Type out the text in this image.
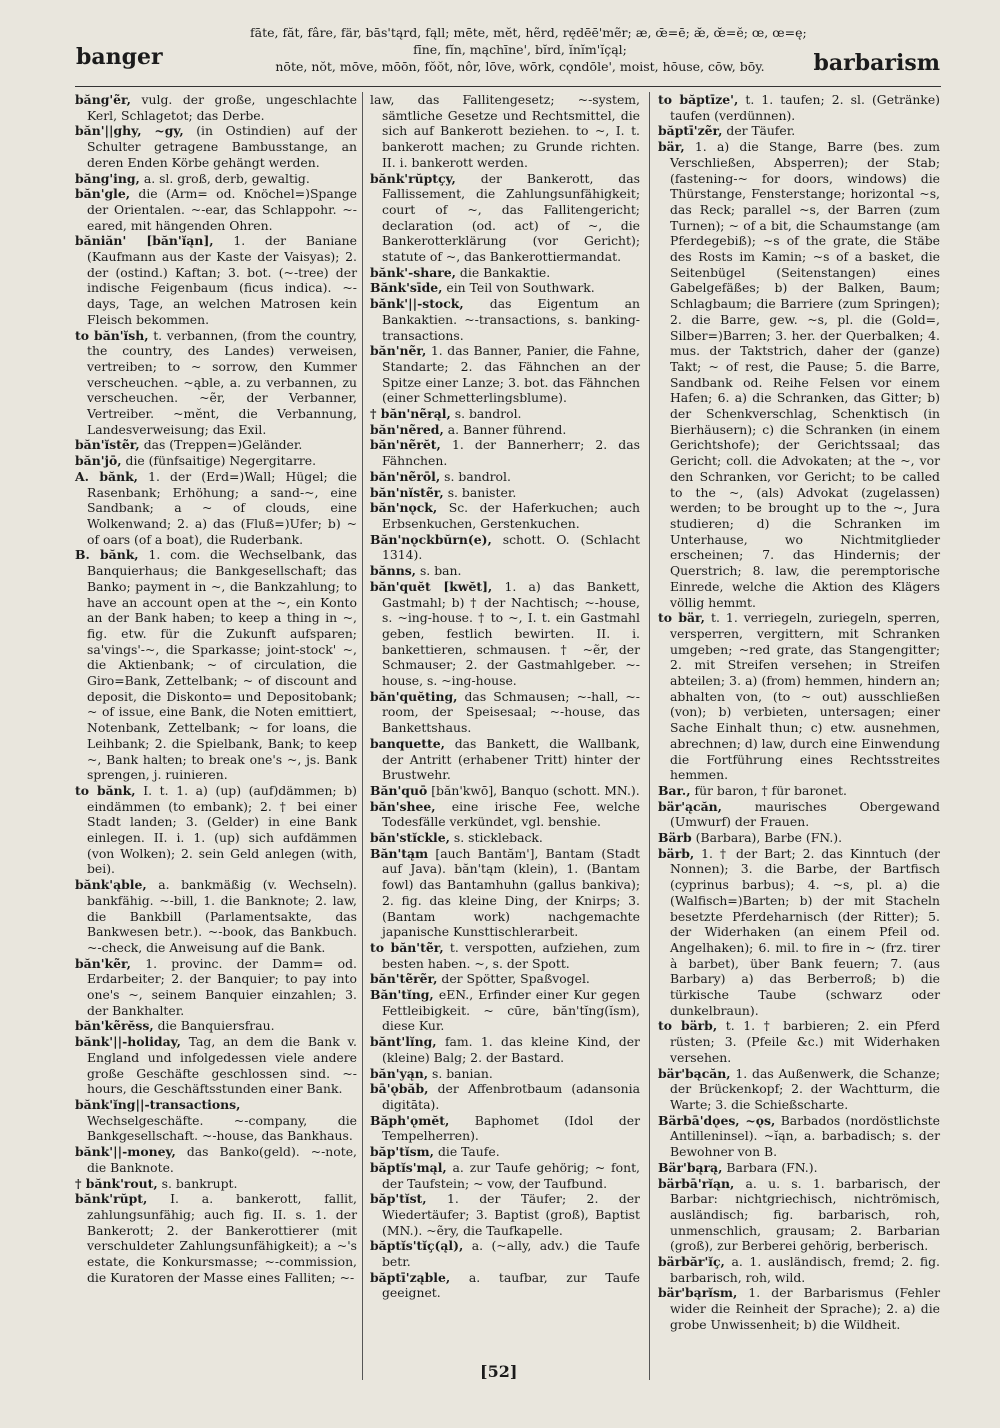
banger
fāte, făt, fâre, fär, bās'tąrd, fąll; mēte, mĕt, hẽrd, rędēē'mẽr; æ, œ̄=ē; æ̆, œ̆=ĕ; œ, œ=ę;
fīne, fĭn, mąchīne', bĭrd, ĭnĭm'ĭçąl;
nōte, nŏt, mōve, mōōn, fŏŏt, nôr, lōve, wōrk, cǫndōle', moist, hōuse, cōw, bōy.	barbarism

băng'ẽr, vulg. der große, ungeschlachte Kerl, Schlagetot; das Derbe.

băn'||ghy, ~gy, (in Ostindien) auf der Schulter getragene Bambusstange, an deren Enden Körbe gehängt werden.

băng'ing, a. sl. groß, derb, gewaltig.

băn'gle, die (Arm= od. Knöchel=)Spange der Orientalen. ~-ear, das Schlappohr. ~-eared, mit hängenden Ohren.

băniăn' [băn'ĭąn], 1. der Baniane (Kaufmann aus der Kaste der Vaisyas); 2. der (ostind.) Kaftan; 3. bot. (~-tree) der indische Feigenbaum (ficus indica). ~-days, Tage, an welchen Matrosen kein Fleisch bekommen.

to băn'ĭsh, t. verbannen, (from the country, the country, des Landes) verweisen, vertreiben; to ~ sorrow, den Kummer verscheuchen. ~ąble, a. zu verbannen, zu verscheuchen. ~ẽr, der Verbanner, Vertreiber. ~mĕnt, die Verbannung, Landesverweisung; das Exil.

băn'ĭstẽr, das (Treppen=)Geländer.

băn'jō, die (fünfsaitige) Negergitarre.

A. bănk, 1. der (Erd=)Wall; Hügel; die Rasenbank; Erhöhung; a sand-~, eine Sandbank; a ~ of clouds, eine Wolkenwand; 2. a) das (Fluß=)Ufer; b) ~ of oars (of a boat), die Ruderbank.

B. bănk, 1. com. die Wechselbank, das Banquierhaus; die Bankgesellschaft; das Banko; payment in ~, die Bankzahlung; to have an account open at the ~, ein Konto an der Bank haben; to keep a thing in ~, fig. etw. für die Zukunft aufsparen; sa'vings'-~, die Sparkasse; joint-stock' ~, die Aktienbank; ~ of circulation, die Giro=Bank, Zettelbank; ~ of discount and deposit, die Diskonto= und Depositobank; ~ of issue, eine Bank, die Noten emittiert, Notenbank, Zettelbank; ~ for loans, die Leihbank; 2. die Spielbank, Bank; to keep ~, Bank halten; to break one's ~, js. Bank sprengen, j. ruinieren.

to bănk, I. t. 1. a) (up) (auf)dämmen; b) eindämmen (to embank); 2. † bei einer Stadt landen; 3. (Gelder) in eine Bank einlegen. II. i. 1. (up) sich aufdämmen (von Wolken); 2. sein Geld anlegen (with, bei).

bănk'ąble, a. bankmäßig (v. Wechseln). bankfähig. ~-bill, 1. die Banknote; 2. law, die Bankbill (Parlamentsakte, das Bankwesen betr.). ~-book, das Bankbuch. ~-check, die Anweisung auf die Bank.

băn'kẽr, 1. provinc. der Damm= od. Erdarbeiter; 2. der Banquier; to pay into one's ~, seinem Banquier einzahlen; 3. der Bankhalter.

băn'kẽrĕss, die Banquiersfrau.

bănk'||-holiday, Tag, an dem die Bank v. England und infolgedessen viele andere große Geschäfte geschlossen sind. ~-hours, die Geschäftsstunden einer Bank.

bănk'ĭng||-transactions, Wechselgeschäfte. ~-company, die Bankgesellschaft. ~-house, das Bankhaus.

bănk'||-money, das Banko(geld). ~-note, die Banknote.

† bănk'rout, s. bankrupt.

bănk'rŭpt, I. a. bankerott, fallit, zahlungsunfähig; auch fig. II. s. 1. der Bankerott; 2. der Bankerottierer (mit verschuldeter Zahlungsunfähigkeit); a ~'s estate, die Konkursmasse; ~-commission, die Kuratoren der Masse eines Falliten; ~-

law, das Fallitengesetz; ~-system, sämtliche Gesetze und Rechtsmittel, die sich auf Bankerott beziehen. to ~, I. t. bankerott machen; zu Grunde richten. II. i. bankerott werden.

bănk'rŭptçy, der Bankerott, das Fallissement, die Zahlungsunfähigkeit; court of ~, das Fallitengericht; declaration (od. act) of ~, die Bankerotterklärung (vor Gericht); statute of ~, das Bankerottiermandat.

bănk'-share, die Bankaktie.

Bănk'sīde, ein Teil von Southwark.

bănk'||-stock, das Eigentum an Bankaktien. ~-transactions, s. banking-transactions.

băn'nẽr, 1. das Banner, Panier, die Fahne, Standarte; 2. das Fähnchen an der Spitze einer Lanze; 3. bot. das Fähnchen (einer Schmetterlingsblume).

† băn'nẽrąl, s. bandrol.

băn'nẽred, a. Banner führend.

băn'nẽrĕt, 1. der Bannerherr; 2. das Fähnchen.

băn'nẽrōl, s. bandrol.

băn'nĭstẽr, s. banister.

băn'nǫck, Sc. der Haferkuchen; auch Erbsenkuchen, Gerstenkuchen.

Băn'nǫckbŭrn(e), schott. O. (Schlacht 1314).

bănns, s. ban.

băn'quĕt [kwĕt], 1. a) das Bankett, Gastmahl; b) † der Nachtisch; ~-house, s. ~ing-house. † to ~, I. t. ein Gastmahl geben, festlich bewirten. II. i. bankettieren, schmausen. † ~ẽr, der Schmauser; 2. der Gastmahlgeber. ~-house, s. ~ing-house.

băn'quĕting, das Schmausen; ~-hall, ~-room, der Speisesaal; ~-house, das Bankettshaus.

banquette, das Bankett, die Wallbank, der Antritt (erhabener Tritt) hinter der Brustwehr.

Băn'quō [băn'kwō], Banquo (schott. MN.).

băn'shee, eine irische Fee, welche Todesfälle verkündet, vgl. benshie.

băn'stĭckle, s. stickleback.

Băn'tąm [auch Bantăm'], Bantam (Stadt auf Java). băn'tąm (klein), 1. (Bantam fowl) das Bantamhuhn (gallus bankiva); 2. fig. das kleine Ding, der Knirps; 3. (Bantam work) nachgemachte japanische Kunsttischlerarbeit.

to băn'tẽr, t. verspotten, aufziehen, zum besten haben. ~, s. der Spott.

băn'tẽrẽr, der Spötter, Spaßvogel.

Băn'tĭng, eEN., Erfinder einer Kur gegen Fettleibigkeit. ~ cūre, băn'tĭng(ĭsm), diese Kur.

bănt'lĭng, fam. 1. das kleine Kind, der (kleine) Balg; 2. der Bastard.

băn'yąn, s. banian.

bā'ǫbăb, der Affenbrotbaum (adansonia digitāta).

Băph'ǫmĕt, Baphomet (Idol der Tempelherren).

băp'tĭsm, die Taufe.

băptĭs'mąl, a. zur Taufe gehörig; ~ font, der Taufstein; ~ vow, der Taufbund.

băp'tĭst, 1. der Täufer; 2. der Wiedertäufer; 3. Baptist (groß), Baptist (MN.). ~ẽry, die Taufkapelle.

băptĭs'tĭç(ąl), a. (~ally, adv.) die Taufe betr.

băptī'ząble, a. taufbar, zur Taufe geeignet.

to băptīze', t. 1. taufen; 2. sl. (Getränke) taufen (verdünnen).

băptī'zẽr, der Täufer.

bär, 1. a) die Stange, Barre (bes. zum Verschließen, Absperren); der Stab; (fastening-~ for doors, windows) die Thürstange, Fensterstange; horizontal ~s, das Reck; parallel ~s, der Barren (zum Turnen); ~ of a bit, die Schaumstange (am Pferdegebiß); ~s of the grate, die Stäbe des Rosts im Kamin; ~s of a basket, die Seitenbügel (Seitenstangen) eines Gabelgefäßes; b) der Balken, Baum; Schlagbaum; die Barriere (zum Springen); 2. die Barre, gew. ~s, pl. die (Gold=, Silber=)Barren; 3. her. der Querbalken; 4. mus. der Taktstrich, daher der (ganze) Takt; ~ of rest, die Pause; 5. die Barre, Sandbank od. Reihe Felsen vor einem Hafen; 6. a) die Schranken, das Gitter; b) der Schenkverschlag, Schenktisch (in Bierhäusern); c) die Schranken (in einem Gerichtshofe); der Gerichtssaal; das Gericht; coll. die Advokaten; at the ~, vor den Schranken, vor Gericht; to be called to the ~, (als) Advokat (zugelassen) werden; to be brought up to the ~, Jura studieren; d) die Schranken im Unterhause, wo Nichtmitglieder erscheinen; 7. das Hindernis; der Querstrich; 8. law, die peremptorische Einrede, welche die Aktion des Klägers völlig hemmt.

to bär, t. 1. verriegeln, zuriegeln, sperren, versperren, vergittern, mit Schranken umgeben; ~red grate, das Stangengitter; 2. mit Streifen versehen; in Streifen abteilen; 3. a) (from) hemmen, hindern an; abhalten von, (to ~ out) ausschließen (von); b) verbieten, untersagen; einer Sache Einhalt thun; c) etw. ausnehmen, abrechnen; d) law, durch eine Einwendung die Fortführung eines Rechtsstreites hemmen.

Bar., für baron, † für baronet.

bär'ącăn,	maurisches Obergewand (Umwurf) der Frauen.

Bärb (Barbara), Barbe (FN.).

bärb, 1. † der Bart; 2. das Kinntuch (der Nonnen); 3. die Barbe, der Bartfisch (cyprinus barbus); 4. ~s, pl. a) die (Walfisch=)Barten; b) der mit Stacheln besetzte Pferdeharnisch (der Ritter); 5. der Widerhaken (an einem Pfeil od. Angelhaken); 6. mil. to fire in ~ (frz. tirer à barbet), über Bank feuern; 7. (aus Barbary) a) das Berberroß; b) die türkische Taube (schwarz oder dunkelbraun).

to bärb, t. 1. † barbieren; 2. ein Pferd rüsten; 3. (Pfeile &c.) mit Widerhaken versehen.

bär'bącăn, 1. das Außenwerk, die Schanze; der Brückenkopf; 2. der Wachtturm, die Warte; 3. die Schießscharte.

Bärbā'dǫes, ~ǫs, Barbados (nordöstlichste Antilleninsel). ~ĭąn, a. barbadisch; s. der Bewohner von B.

Bär'bąrą, Barbara (FN.).

bärbā'rĭąn, a. u. s. 1. barbarisch, der Barbar: nichtgriechisch, nichtrömisch, ausländisch; fig. barbarisch, roh, unmenschlich, grausam; 2. Barbarian (groß), zur Berberei gehörig, berberisch.

bärbăr'ĭç, a. 1. ausländisch, fremd; 2. fig. barbarisch, roh, wild.

bär'bąrĭsm, 1. der Barbarismus (Fehler wider die Reinheit der Sprache); 2. a) die grobe Unwissenheit; b) die Wildheit.

[52]
